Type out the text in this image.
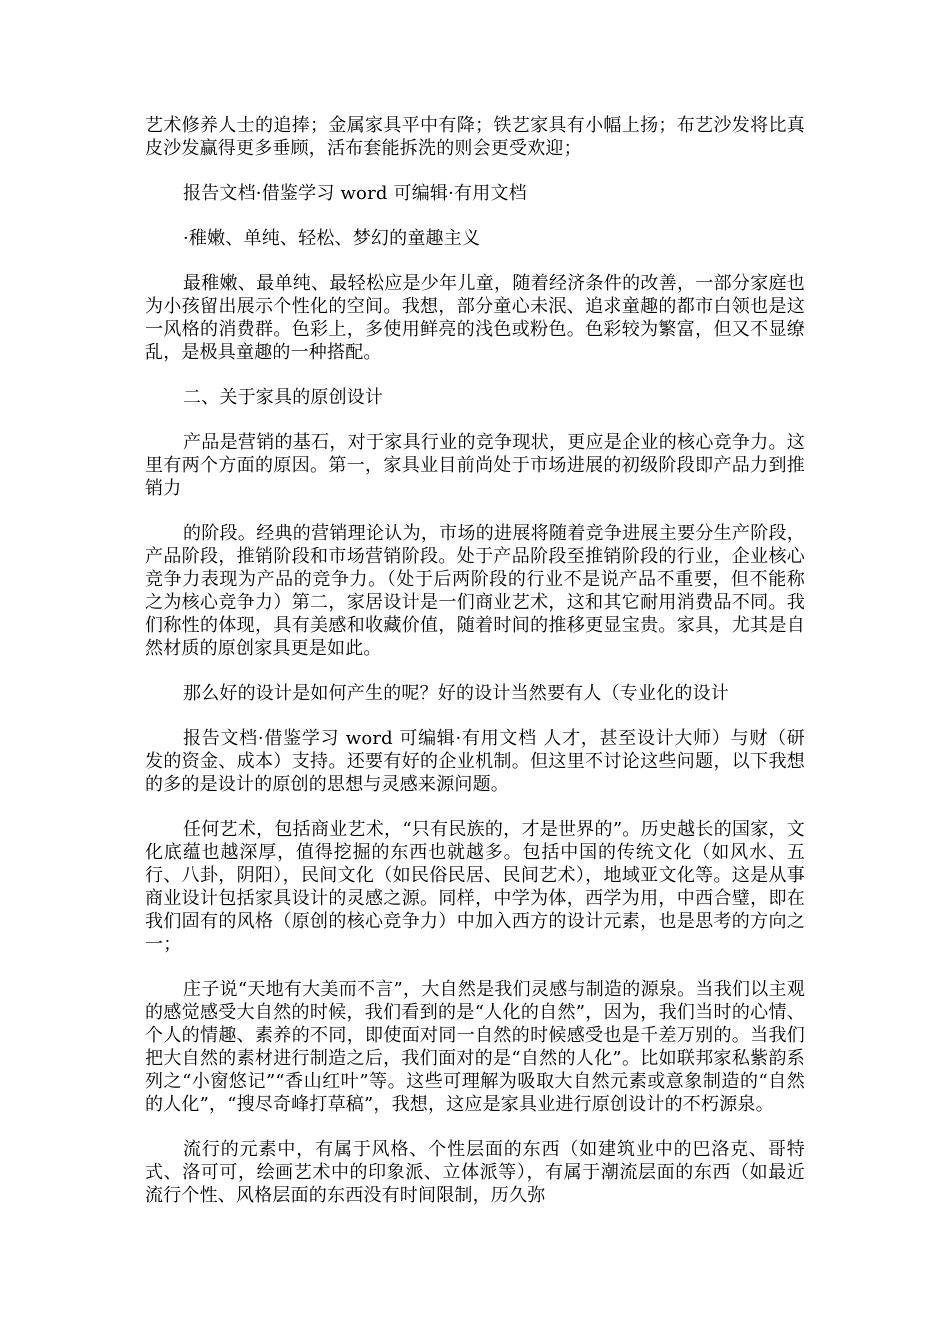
艺术修养人士的追捧；金属家具平中有降；铁艺家具有小幅上扬；布艺沙发将比真皮沙发赢得更多垂顾，活布套能拆洗的则会更受欢迎；

报告文档·借鉴学习 word 可编辑·有用文档

·稚嫩、单纯、轻松、梦幻的童趣主义

最稚嫩、最单纯、最轻松应是少年儿童，随着经济条件的改善，一部分家庭也为小孩留出展示个性化的空间。我想，部分童心未泯、追求童趣的都市白领也是这一风格的消费群。色彩上，多使用鲜亮的浅色或粉色。色彩较为繁富，但又不显缭乱，是极具童趣的一种搭配。

二、关于家具的原创设计

产品是营销的基石，对于家具行业的竞争现状，更应是企业的核心竞争力。这里有两个方面的原因。第一，家具业目前尚处于市场进展的初级阶段即产品力到推销力

的阶段。经典的营销理论认为，市场的进展将随着竞争进展主要分生产阶段，产品阶段，推销阶段和市场营销阶段。处于产品阶段至推销阶段的行业，企业核心竞争力表现为产品的竞争力。（处于后两阶段的行业不是说产品不重要，但不能称之为核心竞争力）第二，家居设计是一们商业艺术，这和其它耐用消费品不同。我们称性的体现，具有美感和收藏价值，随着时间的推移更显宝贵。家具，尤其是自然材质的原创家具更是如此。

那么好的设计是如何产生的呢？好的设计当然要有人（专业化的设计

报告文档·借鉴学习 word 可编辑·有用文档 人才，甚至设计大师）与财（研发的资金、成本）支持。还要有好的企业机制。但这里不讨论这些问题，以下我想的多的是设计的原创的思想与灵感来源问题。

任何艺术，包括商业艺术，“只有民族的，才是世界的”。历史越长的国家，文化底蕴也越深厚，值得挖掘的东西也就越多。包括中国的传统文化（如风水、五行、八卦，阴阳），民间文化（如民俗民居、民间艺术），地域亚文化等。这是从事商业设计包括家具设计的灵感之源。同样，中学为体，西学为用，中西合璧，即在我们固有的风格（原创的核心竞争力）中加入西方的设计元素，也是思考的方向之一；

庄子说“天地有大美而不言”，大自然是我们灵感与制造的源泉。当我们以主观的感觉感受大自然的时候，我们看到的是“人化的自然”，因为，我们当时的心情、个人的情趣、素养的不同，即使面对同一自然的时候感受也是千差万别的。当我们把大自然的素材进行制造之后，我们面对的是“自然的人化”。比如联邦家私紫韵系列之“小窗悠记”“香山红叶”等。这些可理解为吸取大自然元素或意象制造的“自然的人化”，“搜尽奇峰打草稿”，我想，这应是家具业进行原创设计的不朽源泉。

流行的元素中，有属于风格、个性层面的东西（如建筑业中的巴洛克、哥特式、洛可可，绘画艺术中的印象派、立体派等），有属于潮流层面的东西（如最近流行个性、风格层面的东西没有时间限制，历久弥
